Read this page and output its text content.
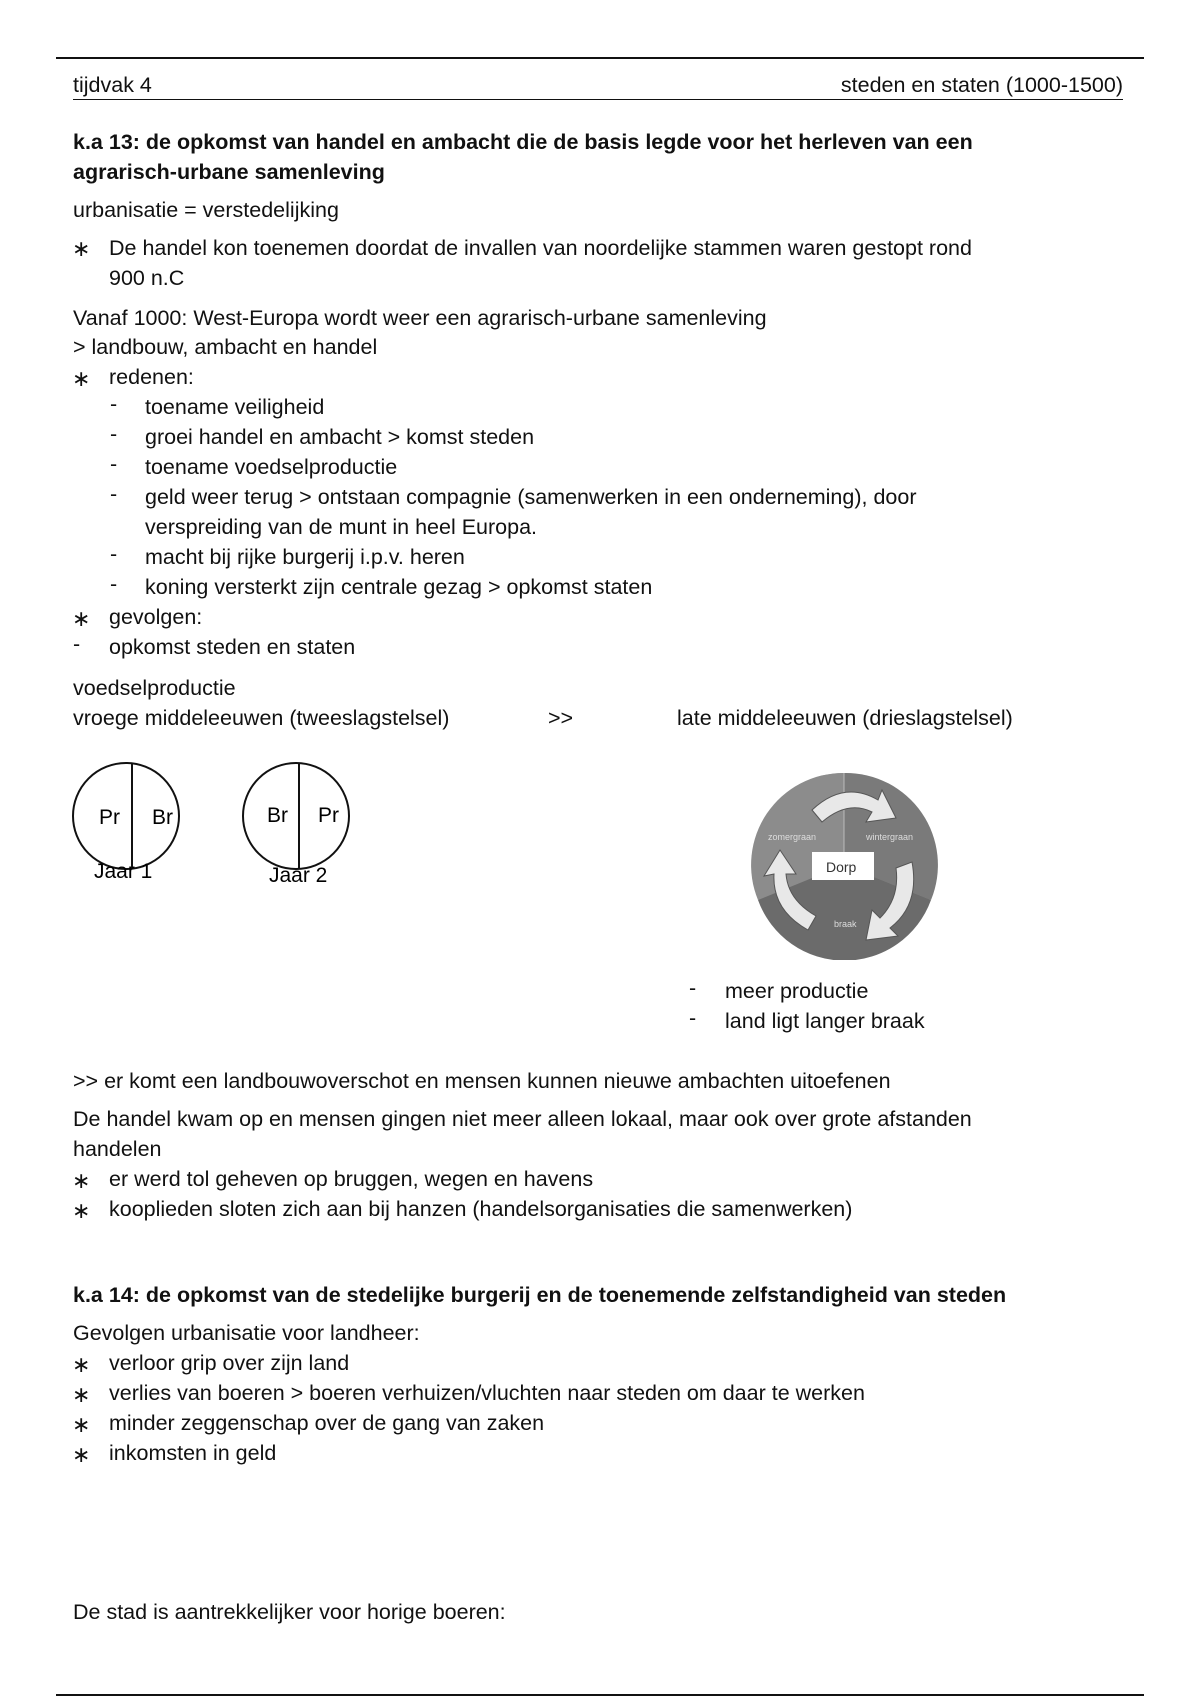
tijdvak 4	steden en staten (1000-1500)
k.a 13: de opkomst van handel en ambacht die de basis legde voor het herleven van een
agrarisch-urbane samenleving
urbanisatie = verstedelijking
∗ De handel kon toenemen doordat de invallen van noordelijke stammen waren gestopt rond
900 n.C
Vanaf 1000: West-Europa wordt weer een agrarisch-urbane samenleving
> landbouw, ambacht en handel
∗ redenen:
- toename veiligheid
- groei handel en ambacht > komst steden
- toename voedselproductie
- geld weer terug > ontstaan compagnie (samenwerken in een onderneming), door
verspreiding van de munt in heel Europa.
- macht bij rijke burgerij i.p.v. heren
- koning versterkt zijn centrale gezag > opkomst staten
∗ gevolgen:
- opkomst steden en staten
voedselproductie
vroege middeleeuwen (tweeslagstelsel)	>>	late middeleeuwen (drieslagstelsel)
Pr Br
Jaar 1
Br Pr
Jaar 2
zomergraan	wintergraan
braak
Dorp
- meer productie
- land ligt langer braak
>> er komt een landbouwoverschot en mensen kunnen nieuwe ambachten uitoefenen
De handel kwam op en mensen gingen niet meer alleen lokaal, maar ook over grote afstanden
handelen
∗ er werd tol geheven op bruggen, wegen en havens
∗ kooplieden sloten zich aan bij hanzen (handelsorganisaties die samenwerken)
k.a 14: de opkomst van de stedelijke burgerij en de toenemende zelfstandigheid van steden
Gevolgen urbanisatie voor landheer:
∗ verloor grip over zijn land
∗ verlies van boeren > boeren verhuizen/vluchten naar steden om daar te werken
∗ minder zeggenschap over de gang van zaken
∗ inkomsten in geld
De stad is aantrekkelijker voor horige boeren:
